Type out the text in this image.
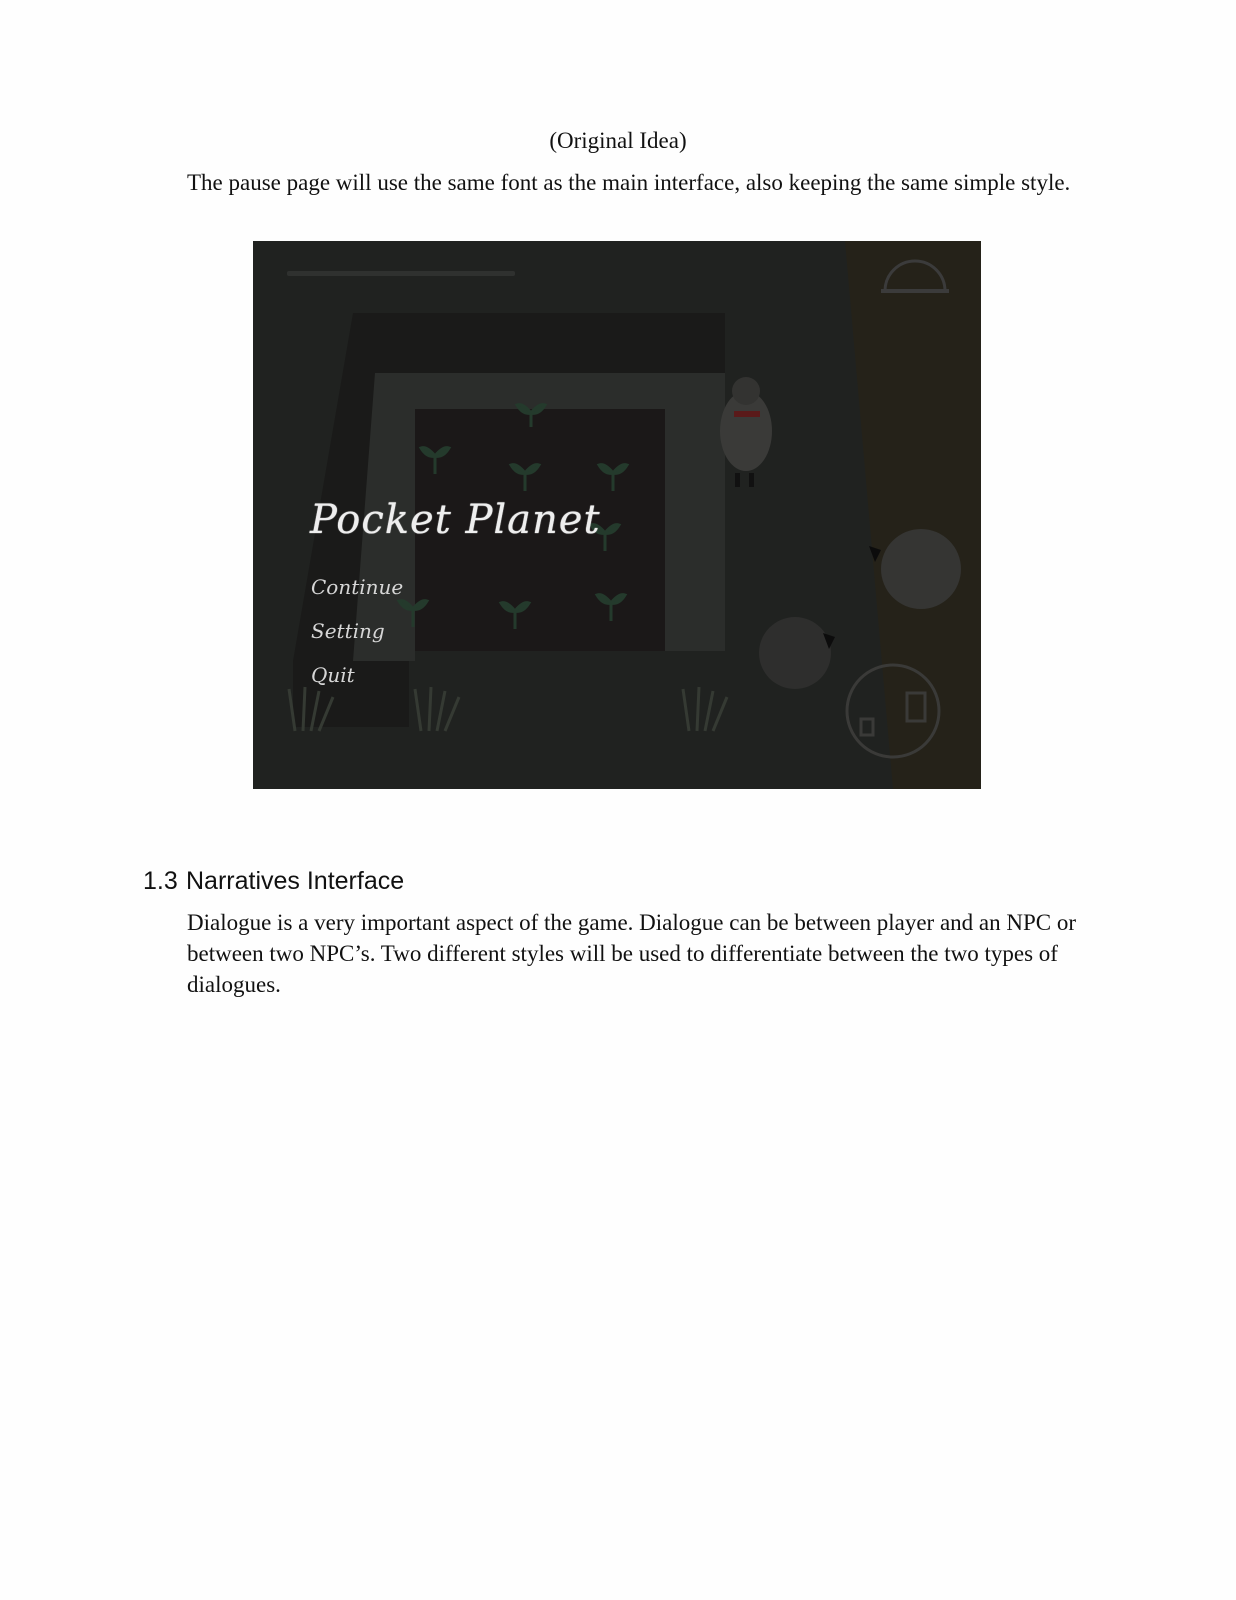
(Original Idea)
The pause page will use the same font as the main interface, also keeping the same simple style.
Pocket Planet
Continue
Setting
Quit
1.3 Narratives Interface
Dialogue is a very important aspect of the game. Dialogue can be between player and an NPC or between two NPC’s. Two different styles will be used to differentiate between the two types of dialogues.
